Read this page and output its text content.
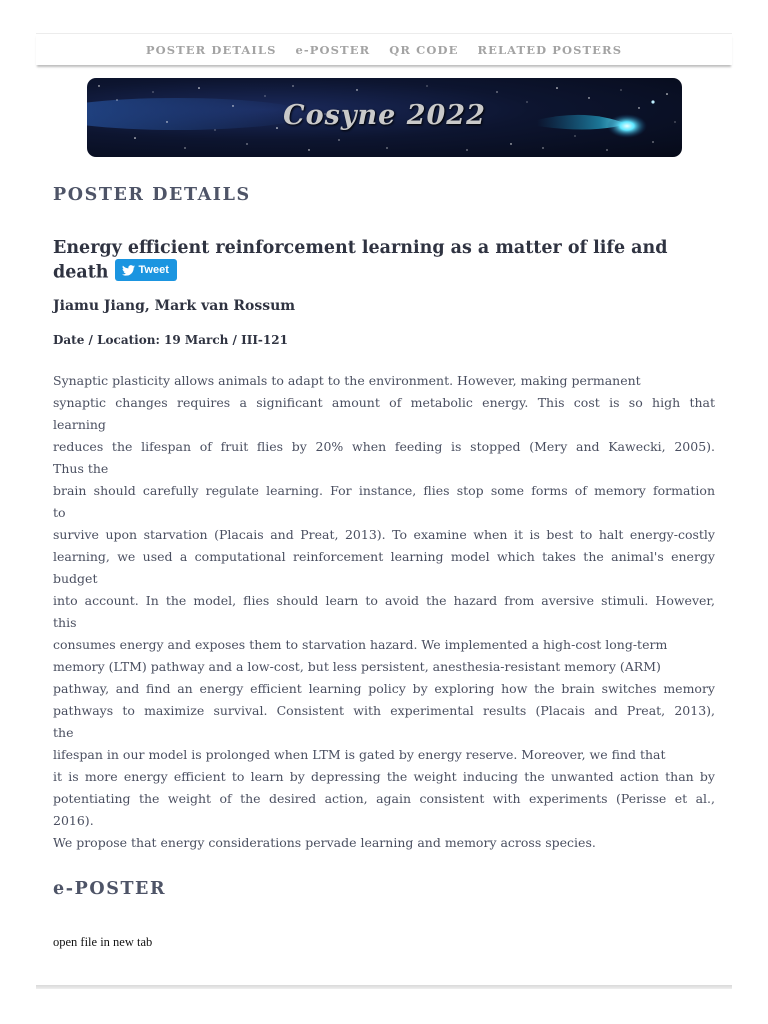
POSTER DETAILS e-POSTER QR CODE RELATED POSTERS
Cosyne 2022
POSTER DETAILS
Energy efficient reinforcement learning as a matter of life and death	Tweet

Jiamu Jiang, Mark van Rossum

Date / Location: 19 March / III-121

Synaptic plasticity allows animals to adapt to the environment. However, making permanent
synaptic changes requires a significant amount of metabolic energy. This cost is so high that
learning
reduces the lifespan of fruit flies by 20% when feeding is stopped (Mery and Kawecki, 2005).
Thus the
brain should carefully regulate learning. For instance, flies stop some forms of memory formation
to
survive upon starvation (Placais and Preat, 2013). To examine when it is best to halt energy-costly
learning, we used a computational reinforcement learning model which takes the animal's energy
budget
into account. In the model, flies should learn to avoid the hazard from aversive stimuli. However,
this
consumes energy and exposes them to starvation hazard. We implemented a high-cost long-term
memory (LTM) pathway and a low-cost, but less persistent, anesthesia-resistant memory (ARM)
pathway, and find an energy efficient learning policy by exploring how the brain switches memory
pathways to maximize survival. Consistent with experimental results (Placais and Preat, 2013),
the
lifespan in our model is prolonged when LTM is gated by energy reserve. Moreover, we find that
it is more energy efficient to learn by depressing the weight inducing the unwanted action than by
potentiating the weight of the desired action, again consistent with experiments (Perisse et al.,
2016).
We propose that energy considerations pervade learning and memory across species.
e-POSTER
open file in new tab
